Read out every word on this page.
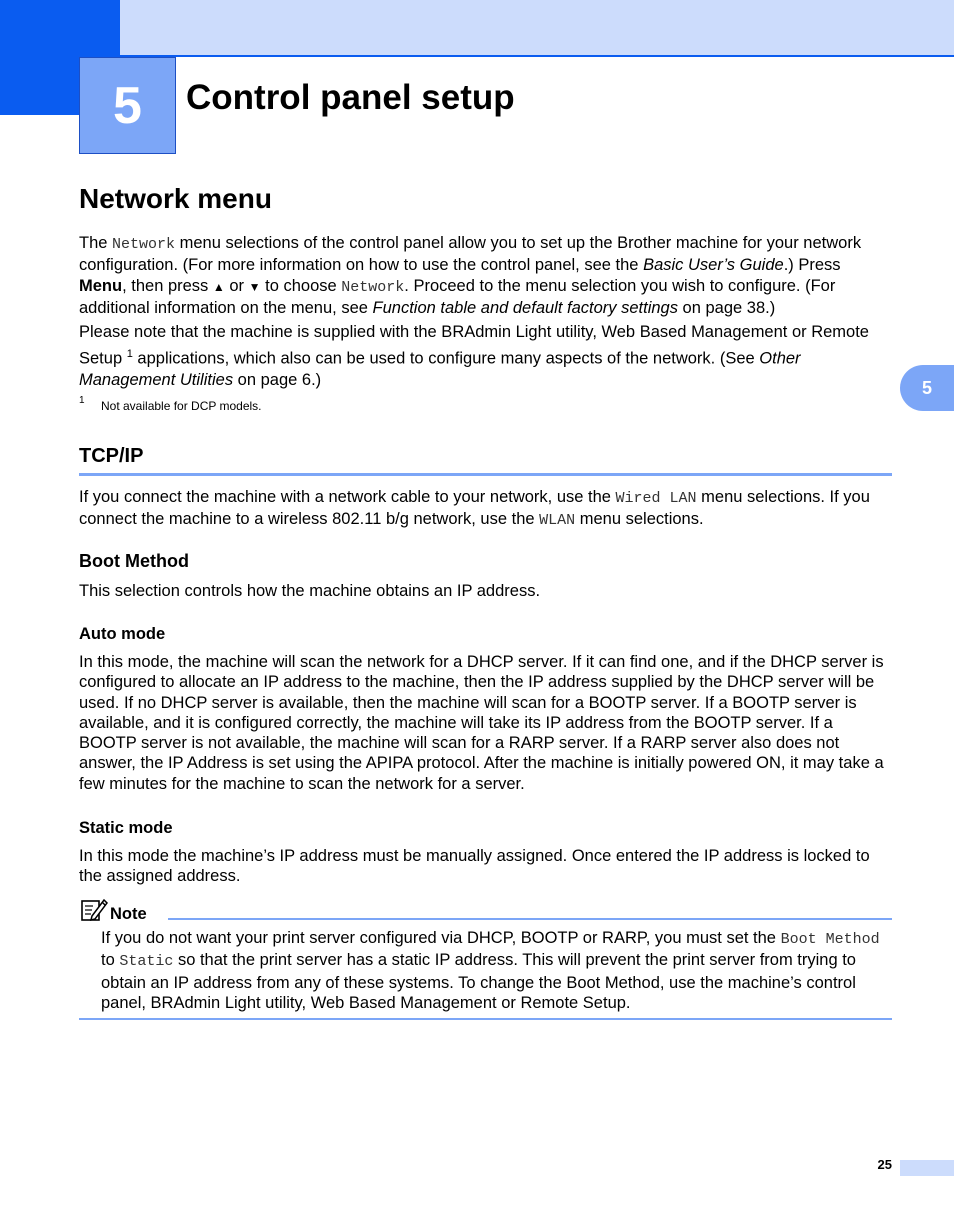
5 Control panel setup
5
Network menu

The Network menu selections of the control panel allow you to set up the Brother machine for your network configuration. (For more information on how to use the control panel, see the Basic User’s Guide.) Press Menu, then press ▲ or ▼ to choose Network. Proceed to the menu selection you wish to configure. (For additional information on the menu, see Function table and default factory settings on page 38.)

Please note that the machine is supplied with the BRAdmin Light utility, Web Based Management or Remote Setup $^1$ applications, which also can be used to configure many aspects of the network. (See Other Management Utilities on page 6.)

1 Not available for DCP models.
TCP/IP

If you connect the machine with a network cable to your network, use the Wired LAN menu selections. If you connect the machine to a wireless 802.11 b/g network, use the WLAN menu selections.

Boot Method

This selection controls how the machine obtains an IP address.

Auto mode

In this mode, the machine will scan the network for a DHCP server. If it can find one, and if the DHCP server is configured to allocate an IP address to the machine, then the IP address supplied by the DHCP server will be used. If no DHCP server is available, then the machine will scan for a BOOTP server. If a BOOTP server is available, and it is configured correctly, the machine will take its IP address from the BOOTP server. If a BOOTP server is not available, the machine will scan for a RARP server. If a RARP server also does not answer, the IP Address is set using the APIPA protocol. After the machine is initially powered ON, it may take a few minutes for the machine to scan the network for a server.

Static mode

In this mode the machine’s IP address must be manually assigned. Once entered the IP address is locked to the assigned address.

Note

If you do not want your print server configured via DHCP, BOOTP or RARP, you must set the Boot Method to Static so that the print server has a static IP address. This will prevent the print server from trying to obtain an IP address from any of these systems. To change the Boot Method, use the machine’s control panel, BRAdmin Light utility, Web Based Management or Remote Setup.

25
